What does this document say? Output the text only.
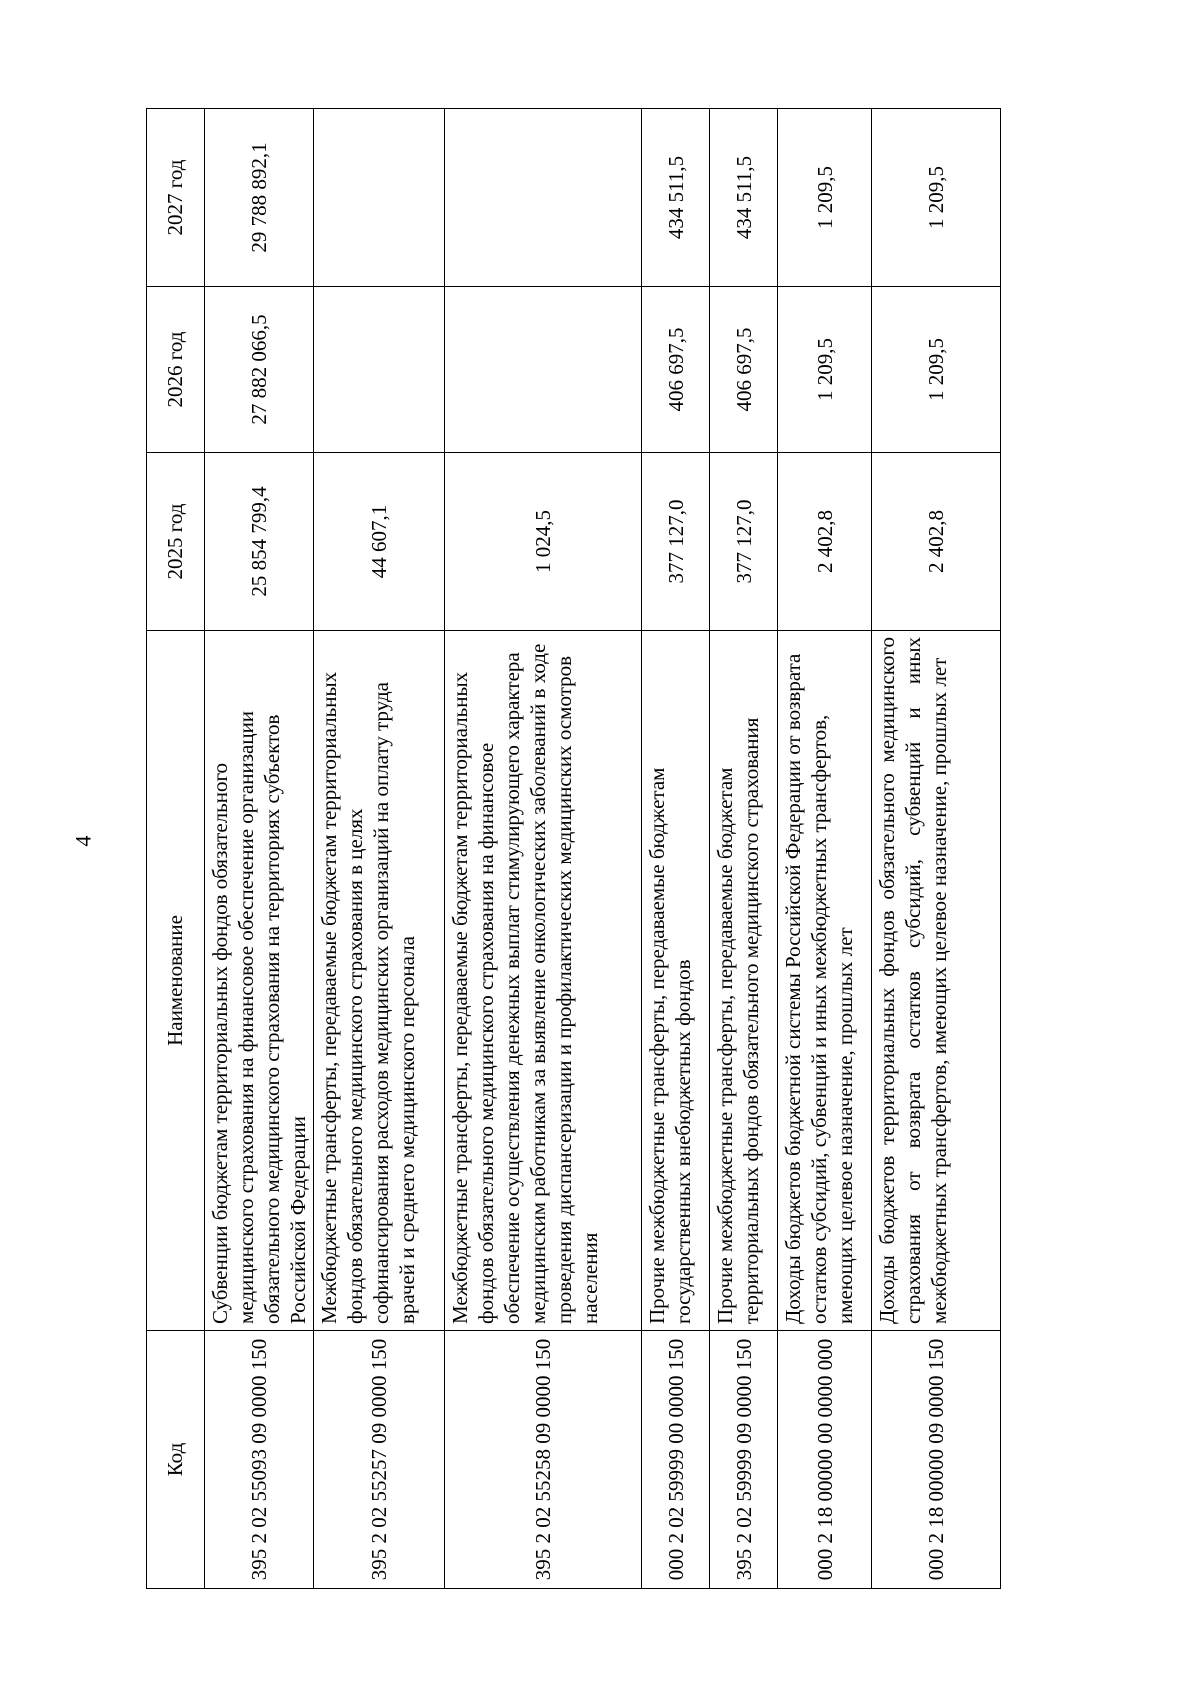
4
Код	Наименование	2025 год	2026 год	2027 год
395 2 02 55093 09 0000 150	Субвенции бюджетам территориальных фондов обязательного медицинского страхования на финансовое обеспечение организации обязательного медицинского страхования на территориях субъектов Российской Федерации	25 854 799,4	27 882 066,5	29 788 892,1
395 2 02 55257 09 0000 150	Межбюджетные трансферты, передаваемые бюджетам территориальных фондов обязательного медицинского страхования в целях софинансирования расходов медицинских организаций на оплату труда врачей и среднего медицинского персонала	44 607,1		
395 2 02 55258 09 0000 150	Межбюджетные трансферты, передаваемые бюджетам территориальных фондов обязательного медицинского страхования на финансовое обеспечение осуществления денежных выплат стимулирующего характера медицинским работникам за выявление онкологических заболеваний в ходе проведения диспансеризации и профилактических медицинских осмотров населения	1 024,5		
000 2 02 59999 00 0000 150	Прочие межбюджетные трансферты, передаваемые бюджетам государственных внебюджетных фондов	377 127,0	406 697,5	434 511,5
395 2 02 59999 09 0000 150	Прочие межбюджетные трансферты, передаваемые бюджетам территориальных фондов обязательного медицинского страхования	377 127,0	406 697,5	434 511,5
000 2 18 00000 00 0000 000	Доходы бюджетов бюджетной системы Российской Федерации от возврата остатков субсидий, субвенций и иных межбюджетных трансфертов, имеющих целевое назначение, прошлых лет	2 402,8	1 209,5	1 209,5
000 2 18 00000 09 0000 150	Доходы бюджетов территориальных фондов обязательного медицинского страхования от возврата остатков субсидий, субвенций и иных межбюджетных трансфертов, имеющих целевое назначение, прошлых лет	2 402,8	1 209,5	1 209,5
